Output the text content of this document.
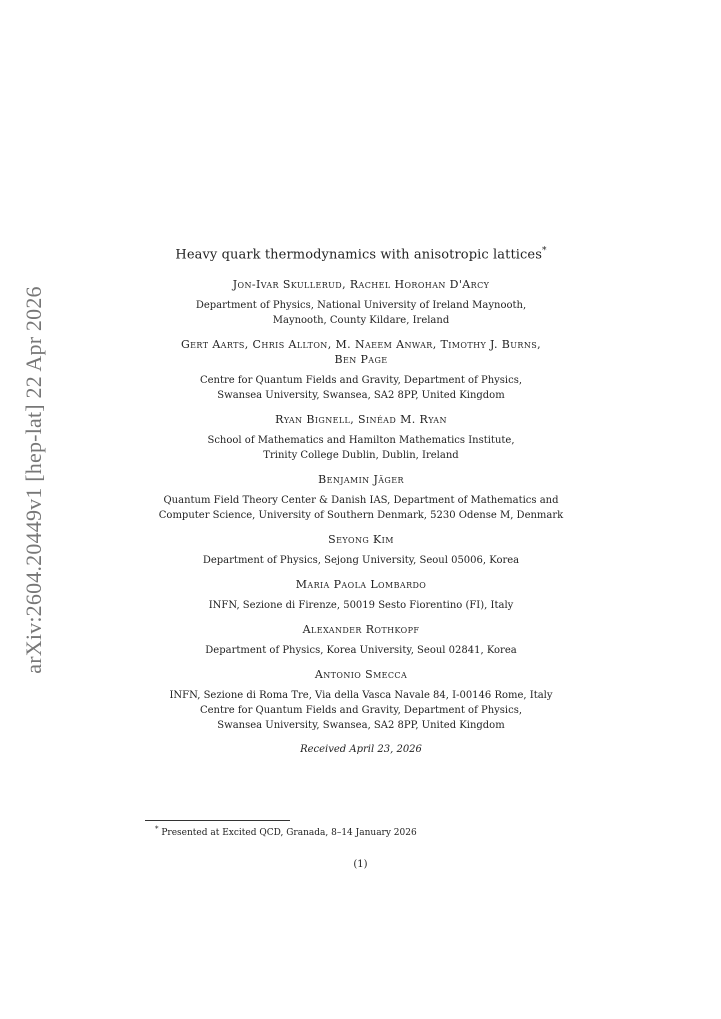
arXiv:2604.20449v1 [hep-lat] 22 Apr 2026
Heavy quark thermodynamics with anisotropic lattices*
Jon-Ivar Skullerud, Rachel Horohan D'Arcy
Department of Physics, National University of Ireland Maynooth,
Maynooth, County Kildare, Ireland
Gert Aarts, Chris Allton, M. Naeem Anwar, Timothy J. Burns,
Ben Page
Centre for Quantum Fields and Gravity, Department of Physics,
Swansea University, Swansea, SA2 8PP, United Kingdom
Ryan Bignell, Sinéad M. Ryan
School of Mathematics and Hamilton Mathematics Institute,
Trinity College Dublin, Dublin, Ireland
Benjamin Jäger
Quantum Field Theory Center & Danish IAS, Department of Mathematics and
Computer Science, University of Southern Denmark, 5230 Odense M, Denmark
Seyong Kim
Department of Physics, Sejong University, Seoul 05006, Korea
Maria Paola Lombardo
INFN, Sezione di Firenze, 50019 Sesto Fiorentino (FI), Italy
Alexander Rothkopf
Department of Physics, Korea University, Seoul 02841, Korea
Antonio Smecca
INFN, Sezione di Roma Tre, Via della Vasca Navale 84, I-00146 Rome, Italy
Centre for Quantum Fields and Gravity, Department of Physics,
Swansea University, Swansea, SA2 8PP, United Kingdom
Received April 23, 2026
* Presented at Excited QCD, Granada, 8–14 January 2026
(1)
